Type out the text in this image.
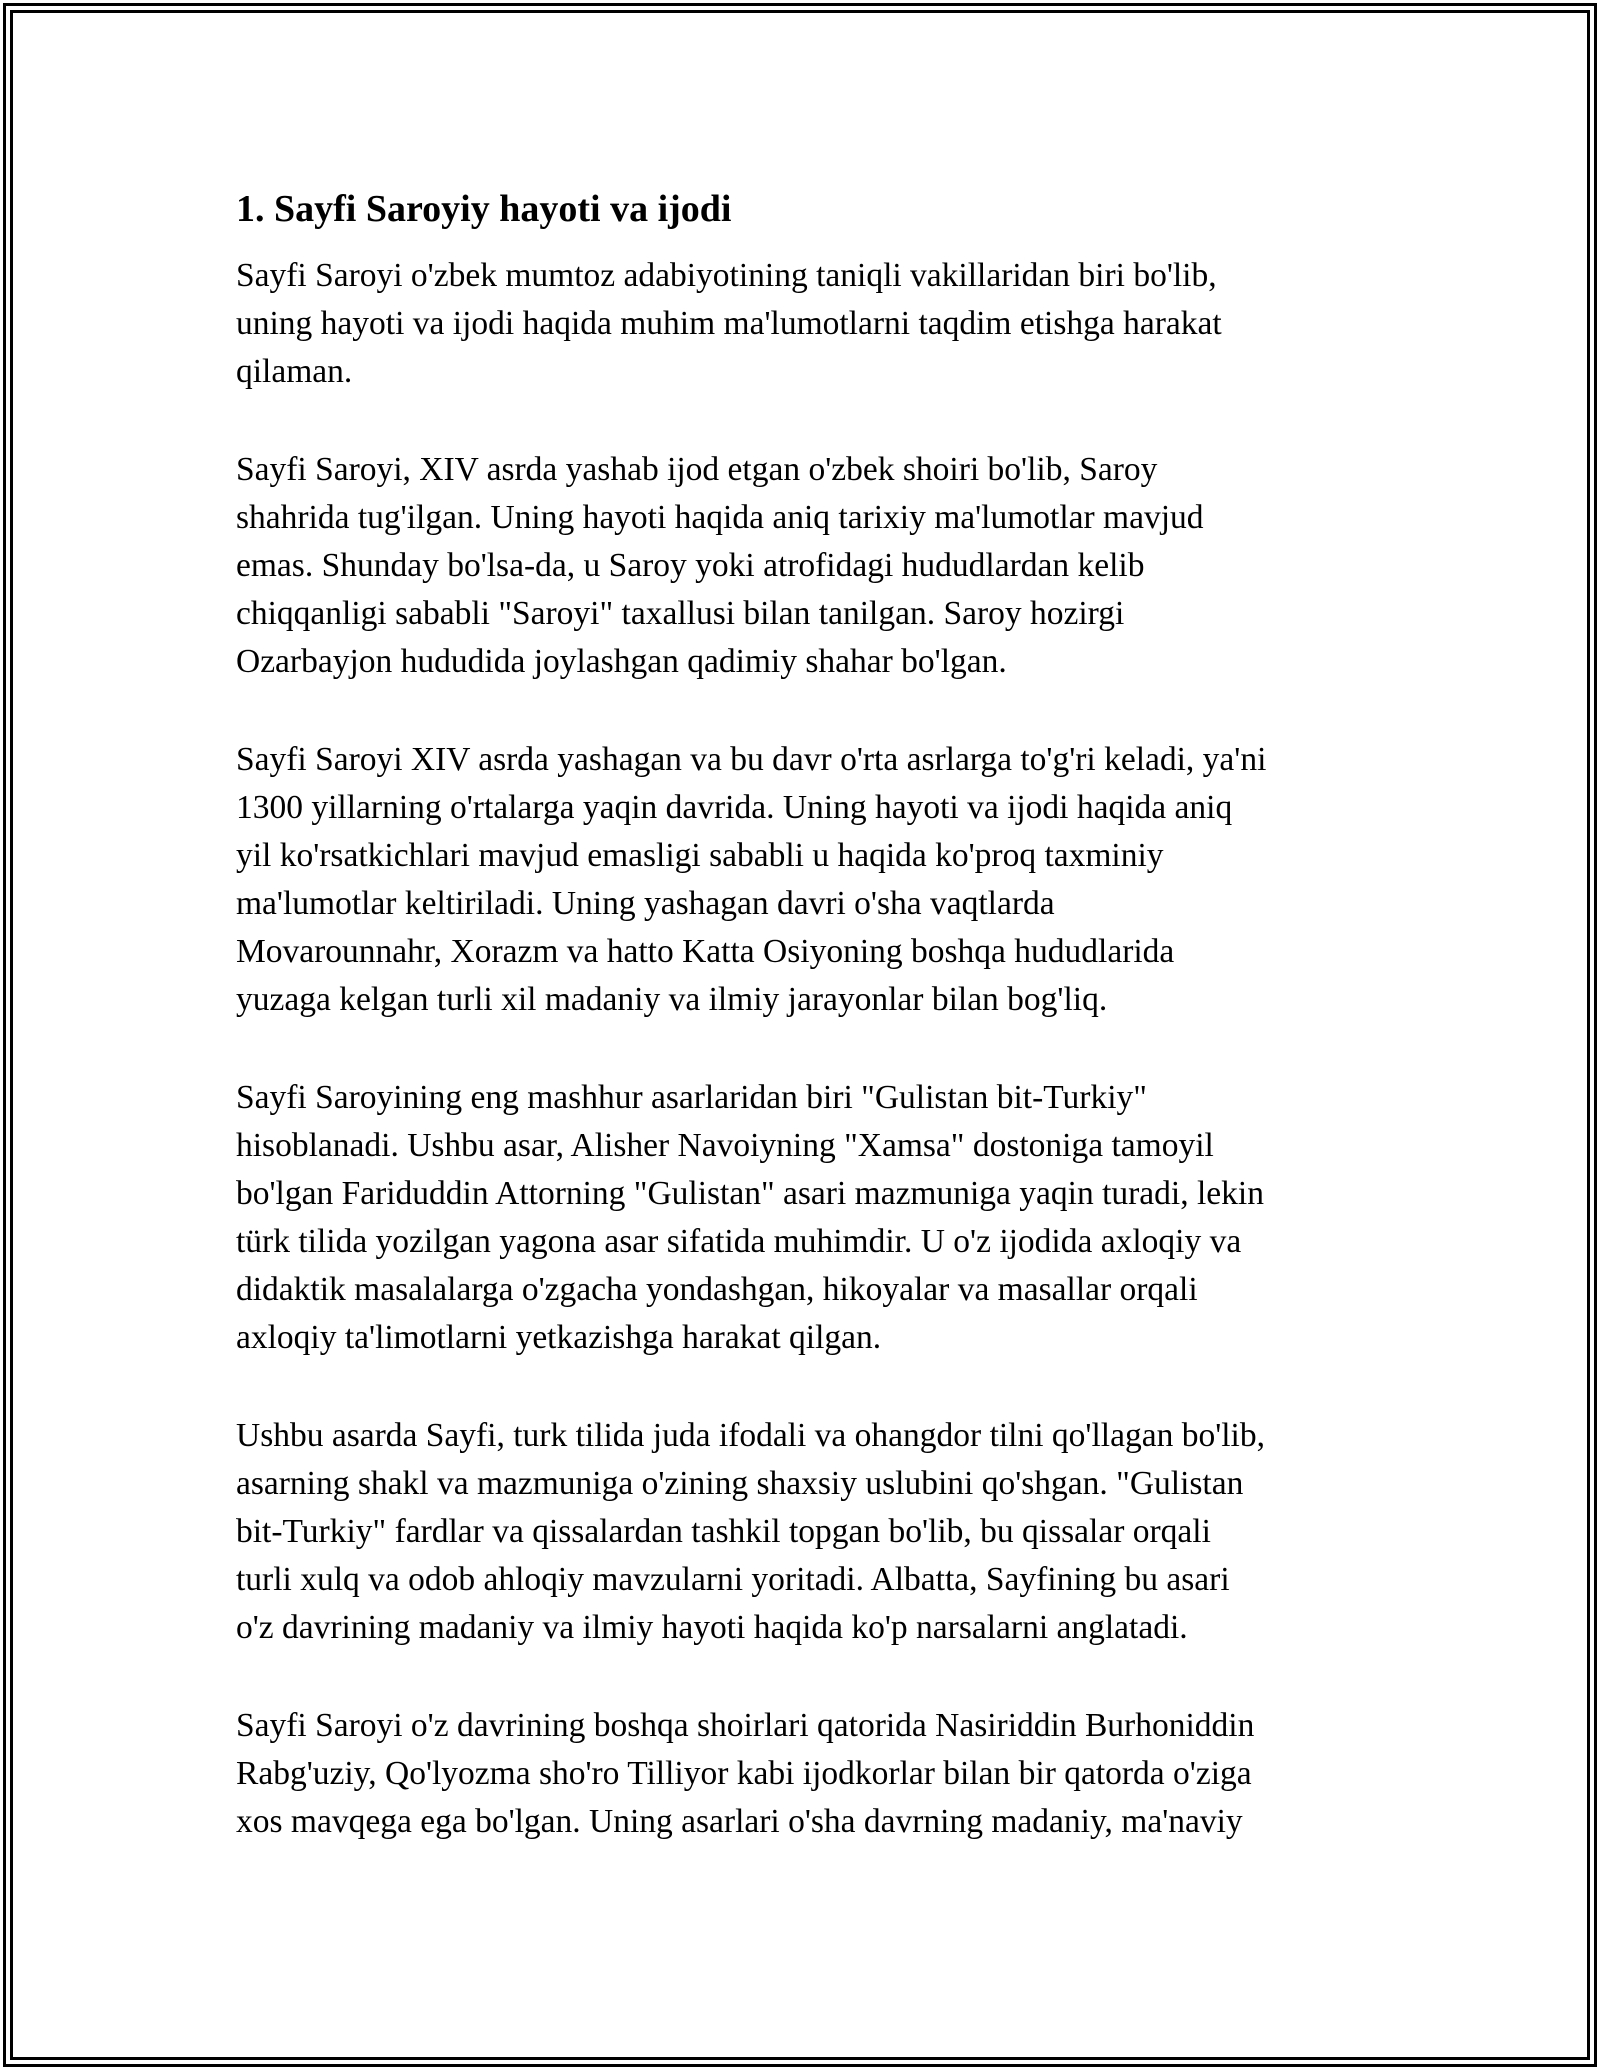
1. Sayfi Saroyiy hayoti va ijodi

Sayfi Saroyi o'zbek mumtoz adabiyotining taniqli vakillaridan biri bo'lib,
uning hayoti va ijodi haqida muhim ma'lumotlarni taqdim etishga harakat
qilaman.

Sayfi Saroyi, XIV asrda yashab ijod etgan o'zbek shoiri bo'lib, Saroy
shahrida tug'ilgan. Uning hayoti haqida aniq tarixiy ma'lumotlar mavjud
emas. Shunday bo'lsa-da, u Saroy yoki atrofidagi hududlardan kelib
chiqqanligi sababli "Saroyi" taxallusi bilan tanilgan. Saroy hozirgi
Ozarbayjon hududida joylashgan qadimiy shahar bo'lgan.

Sayfi Saroyi XIV asrda yashagan va bu davr o'rta asrlarga to'g'ri keladi, ya'ni
1300 yillarning o'rtalarga yaqin davrida. Uning hayoti va ijodi haqida aniq
yil ko'rsatkichlari mavjud emasligi sababli u haqida ko'proq taxminiy
ma'lumotlar keltiriladi. Uning yashagan davri o'sha vaqtlarda
Movarounnahr, Xorazm va hatto Katta Osiyoning boshqa hududlarida
yuzaga kelgan turli xil madaniy va ilmiy jarayonlar bilan bog'liq.

Sayfi Saroyining eng mashhur asarlaridan biri "Gulistan bit-Turkiy"
hisoblanadi. Ushbu asar, Alisher Navoiyning "Xamsa" dostoniga tamoyil
bo'lgan Fariduddin Attorning "Gulistan" asari mazmuniga yaqin turadi, lekin
türk tilida yozilgan yagona asar sifatida muhimdir. U o'z ijodida axloqiy va
didaktik masalalarga o'zgacha yondashgan, hikoyalar va masallar orqali
axloqiy ta'limotlarni yetkazishga harakat qilgan.

Ushbu asarda Sayfi, turk tilida juda ifodali va ohangdor tilni qo'llagan bo'lib,
asarning shakl va mazmuniga o'zining shaxsiy uslubini qo'shgan. "Gulistan
bit-Turkiy" fardlar va qissalardan tashkil topgan bo'lib, bu qissalar orqali
turli xulq va odob ahloqiy mavzularni yoritadi. Albatta, Sayfining bu asari
o'z davrining madaniy va ilmiy hayoti haqida ko'p narsalarni anglatadi.

Sayfi Saroyi o'z davrining boshqa shoirlari qatorida Nasiriddin Burhoniddin
Rabg'uziy, Qo'lyozma sho'ro Tilliyor kabi ijodkorlar bilan bir qatorda o'ziga
xos mavqega ega bo'lgan. Uning asarlari o'sha davrning madaniy, ma'naviy
